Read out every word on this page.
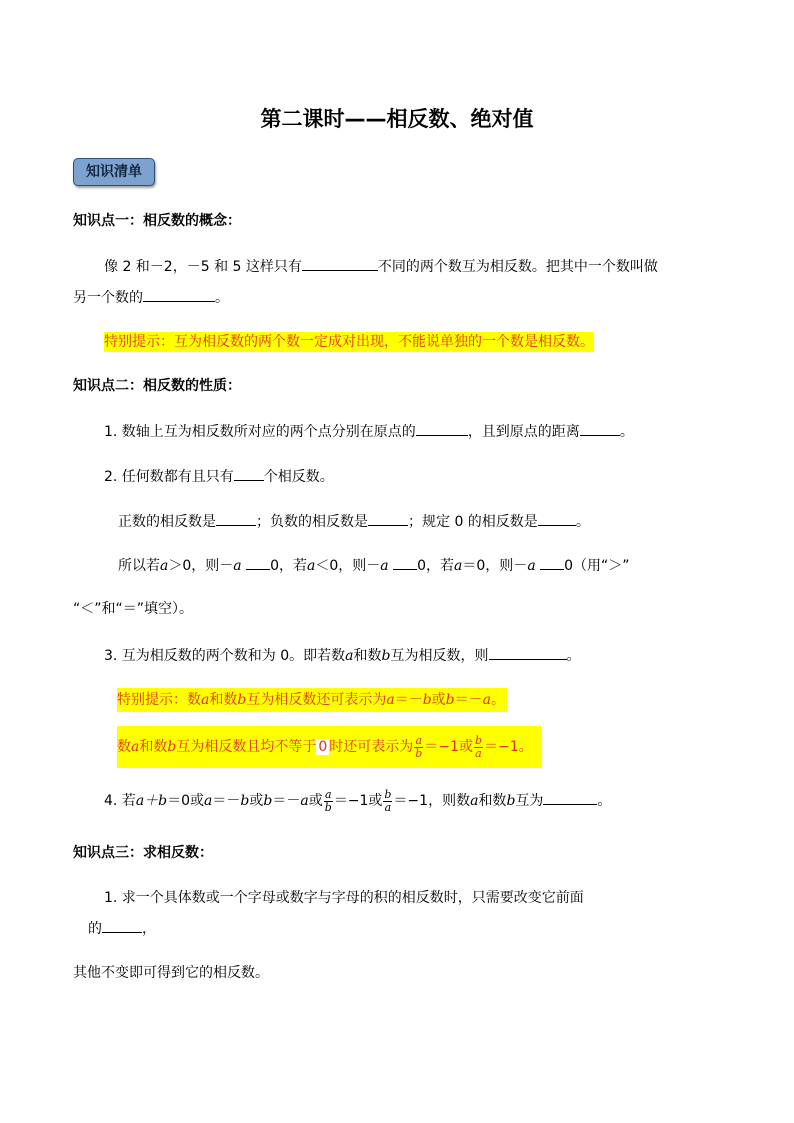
第二课时——相反数、绝对值
知识清单
知识点一：相反数的概念：
像 2 和－2，－5 和 5 这样只有	不同的两个数互为相反数。把其中一个数叫做
另一个数的	。
特别提示：互为相反数的两个数一定成对出现，不能说单独的一个数是相反数。
知识点二：相反数的性质：
1. 数轴上互为相反数所对应的两个点分别在原点的	，且到原点的距离	。
2. 任何数都有且只有 个相反数。
正数的相反数是	；负数的相反数是	；规定 0 的相反数是	。
所以若a＞0，则－a 0，若a＜0，则－a 0，若a＝0，则－a 0（用“＞”
“＜”和“＝”填空）。
3. 互为相反数的两个数和为 0。即若数a和数b互为相反数，则	。
特别提示：数a和数b互为相反数还可表示为a＝－b或b＝－a。
数a和数b互为相反数且均不等于 0 时还可表示为 $\frac{a}{b} =-1$或 $\frac{b}{a} =-1$。
4. 若a＋b＝0或a＝－b或b＝－a或 $\frac{a}{b} =-1$或 $\frac{b}{a} =-1$，则数a和数b互为	。
知识点三：求相反数：
1. 求一个具体数或一个字母或数字与字母的积的相反数时，只需要改变它前面
的	，
其他不变即可得到它的相反数。
